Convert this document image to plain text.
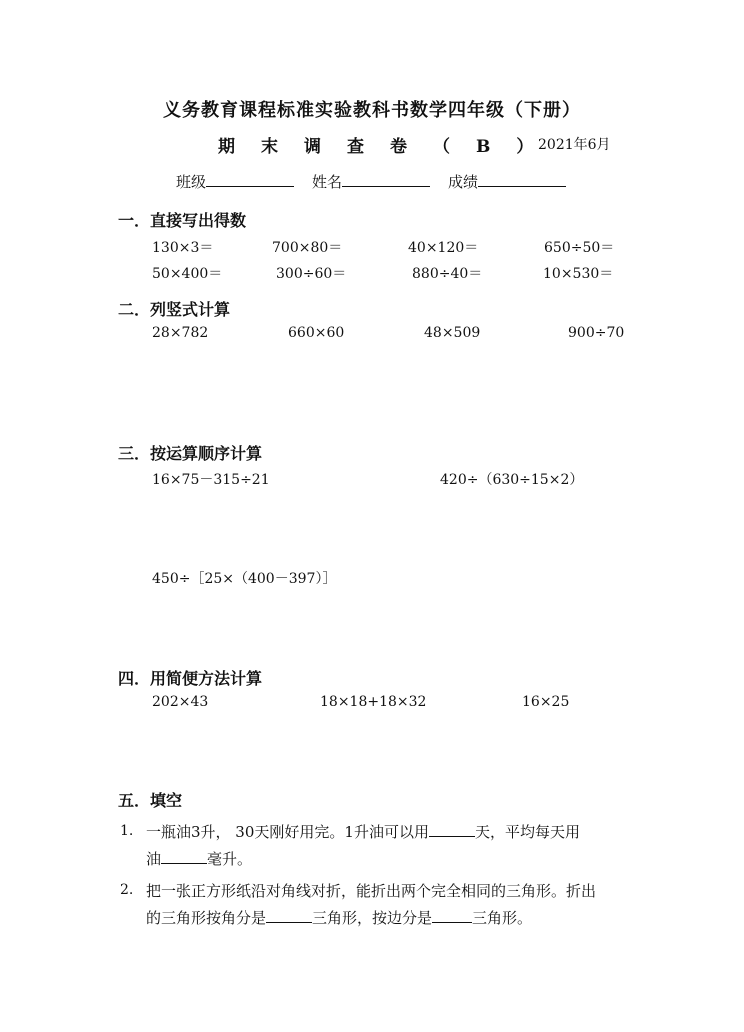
义务教育课程标准实验教科书数学四年级（下册）
期末调查卷（B）
2021年6月
班级	姓名	成绩
一．直接写出得数
130×3＝	700×80＝	40×120＝	650÷50＝
50×400＝	300÷60＝	880÷40＝	10×530＝
二．列竖式计算
28×782	660×60	48×509	900÷70
三．按运算顺序计算
16×75－315÷21	420÷（630÷15×2）
450÷［25×（400－397）］
四．用简便方法计算
202×43	18×18+18×32	16×25
五．填空
1. 一瓶油3升， 30天刚好用完。1升油可以用	天，平均每天用
油	毫升。
2. 把一张正方形纸沿对角线对折，能折出两个完全相同的三角形。折出
的三角形按角分是	三角形，按边分是	三角形。
